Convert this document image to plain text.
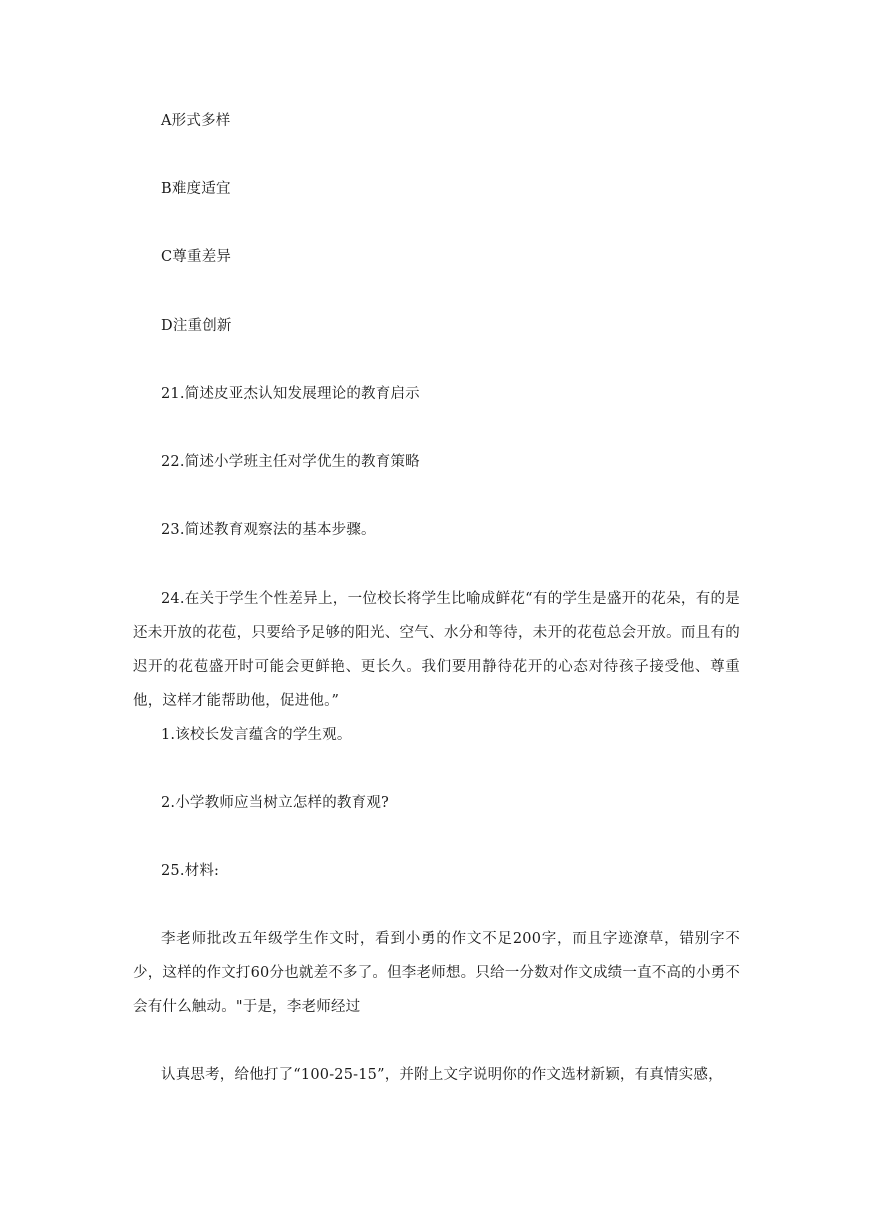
A形式多样

B难度适宜

C尊重差异

D注重创新

21.简述皮亚杰认知发展理论的教育启示

22.简述小学班主任对学优生的教育策略

23.简述教育观察法的基本步骤。

24.在关于学生个性差异上，一位校长将学生比喻成鲜花“有的学生是盛开的花朵，有的是还未开放的花苞，只要给予足够的阳光、空气、水分和等待，未开的花苞总会开放。而且有的迟开的花苞盛开时可能会更鲜艳、更长久。我们要用静待花开的心态对待孩子接受他、尊重他，这样才能帮助他，促进他。”

1.该校长发言蕴含的学生观。

2.小学教师应当树立怎样的教育观?

25.材料:

李老师批改五年级学生作文时，看到小勇的作文不足200字，而且字迹潦草，错别字不少，这样的作文打60分也就差不多了。但李老师想。只给一分数对作文成绩一直不高的小勇不会有什么触动。"于是，李老师经过

认真思考，给他打了“100-25-15”，并附上文字说明你的作文选材新颖，有真情实感，
